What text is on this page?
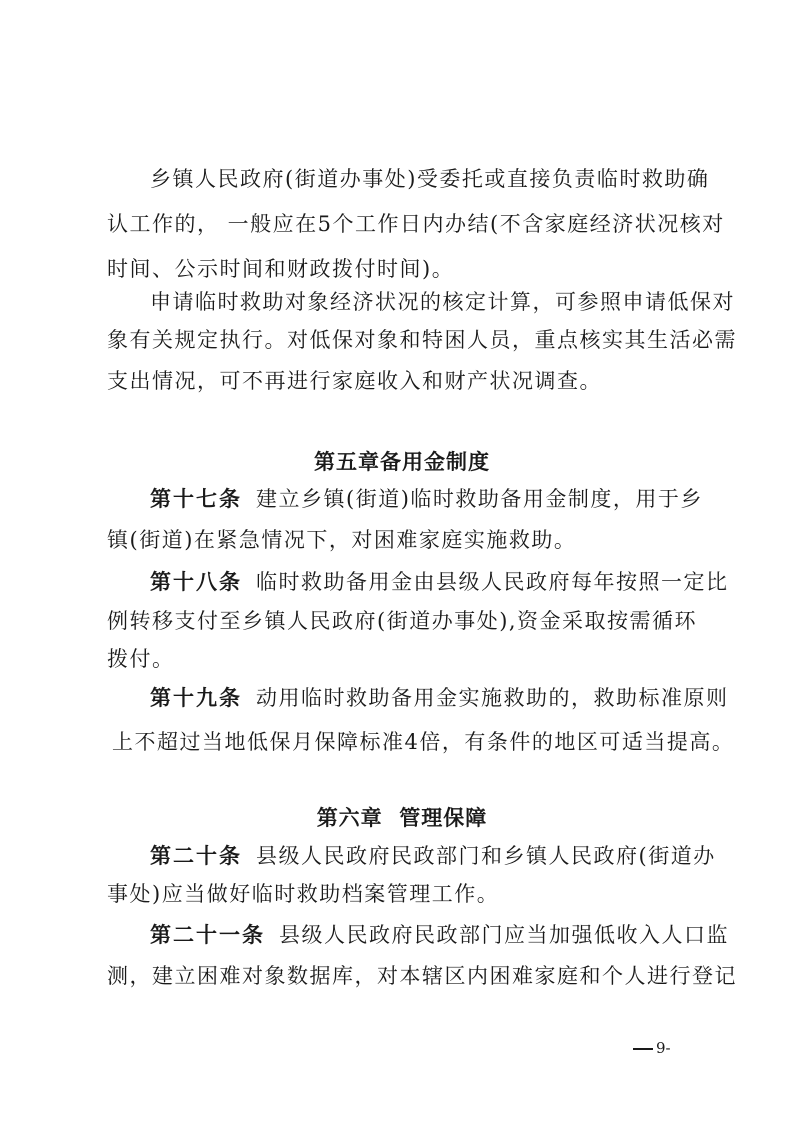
乡镇人民政府(街道办事处)受委托或直接负责临时救助确
认工作的， 一般应在5个工作日内办结(不含家庭经济状况核对
时间、公示时间和财政拨付时间)。
申请临时救助对象经济状况的核定计算，可参照申请低保对
象有关规定执行。对低保对象和特困人员，重点核实其生活必需
支出情况，可不再进行家庭收入和财产状况调查。
第五章备用金制度
第十七条 建立乡镇(街道)临时救助备用金制度，用于乡
镇(街道)在紧急情况下，对困难家庭实施救助。
第十八条 临时救助备用金由县级人民政府每年按照一定比
例转移支付至乡镇人民政府(街道办事处),资金采取按需循环
拨付。
第十九条 动用临时救助备用金实施救助的，救助标准原则
上不超过当地低保月保障标准4倍，有条件的地区可适当提高。
第六章  管理保障
第二十条 县级人民政府民政部门和乡镇人民政府(街道办
事处)应当做好临时救助档案管理工作。
第二十一条 县级人民政府民政部门应当加强低收入人口监
测，建立困难对象数据库，对本辖区内困难家庭和个人进行登记
9-
